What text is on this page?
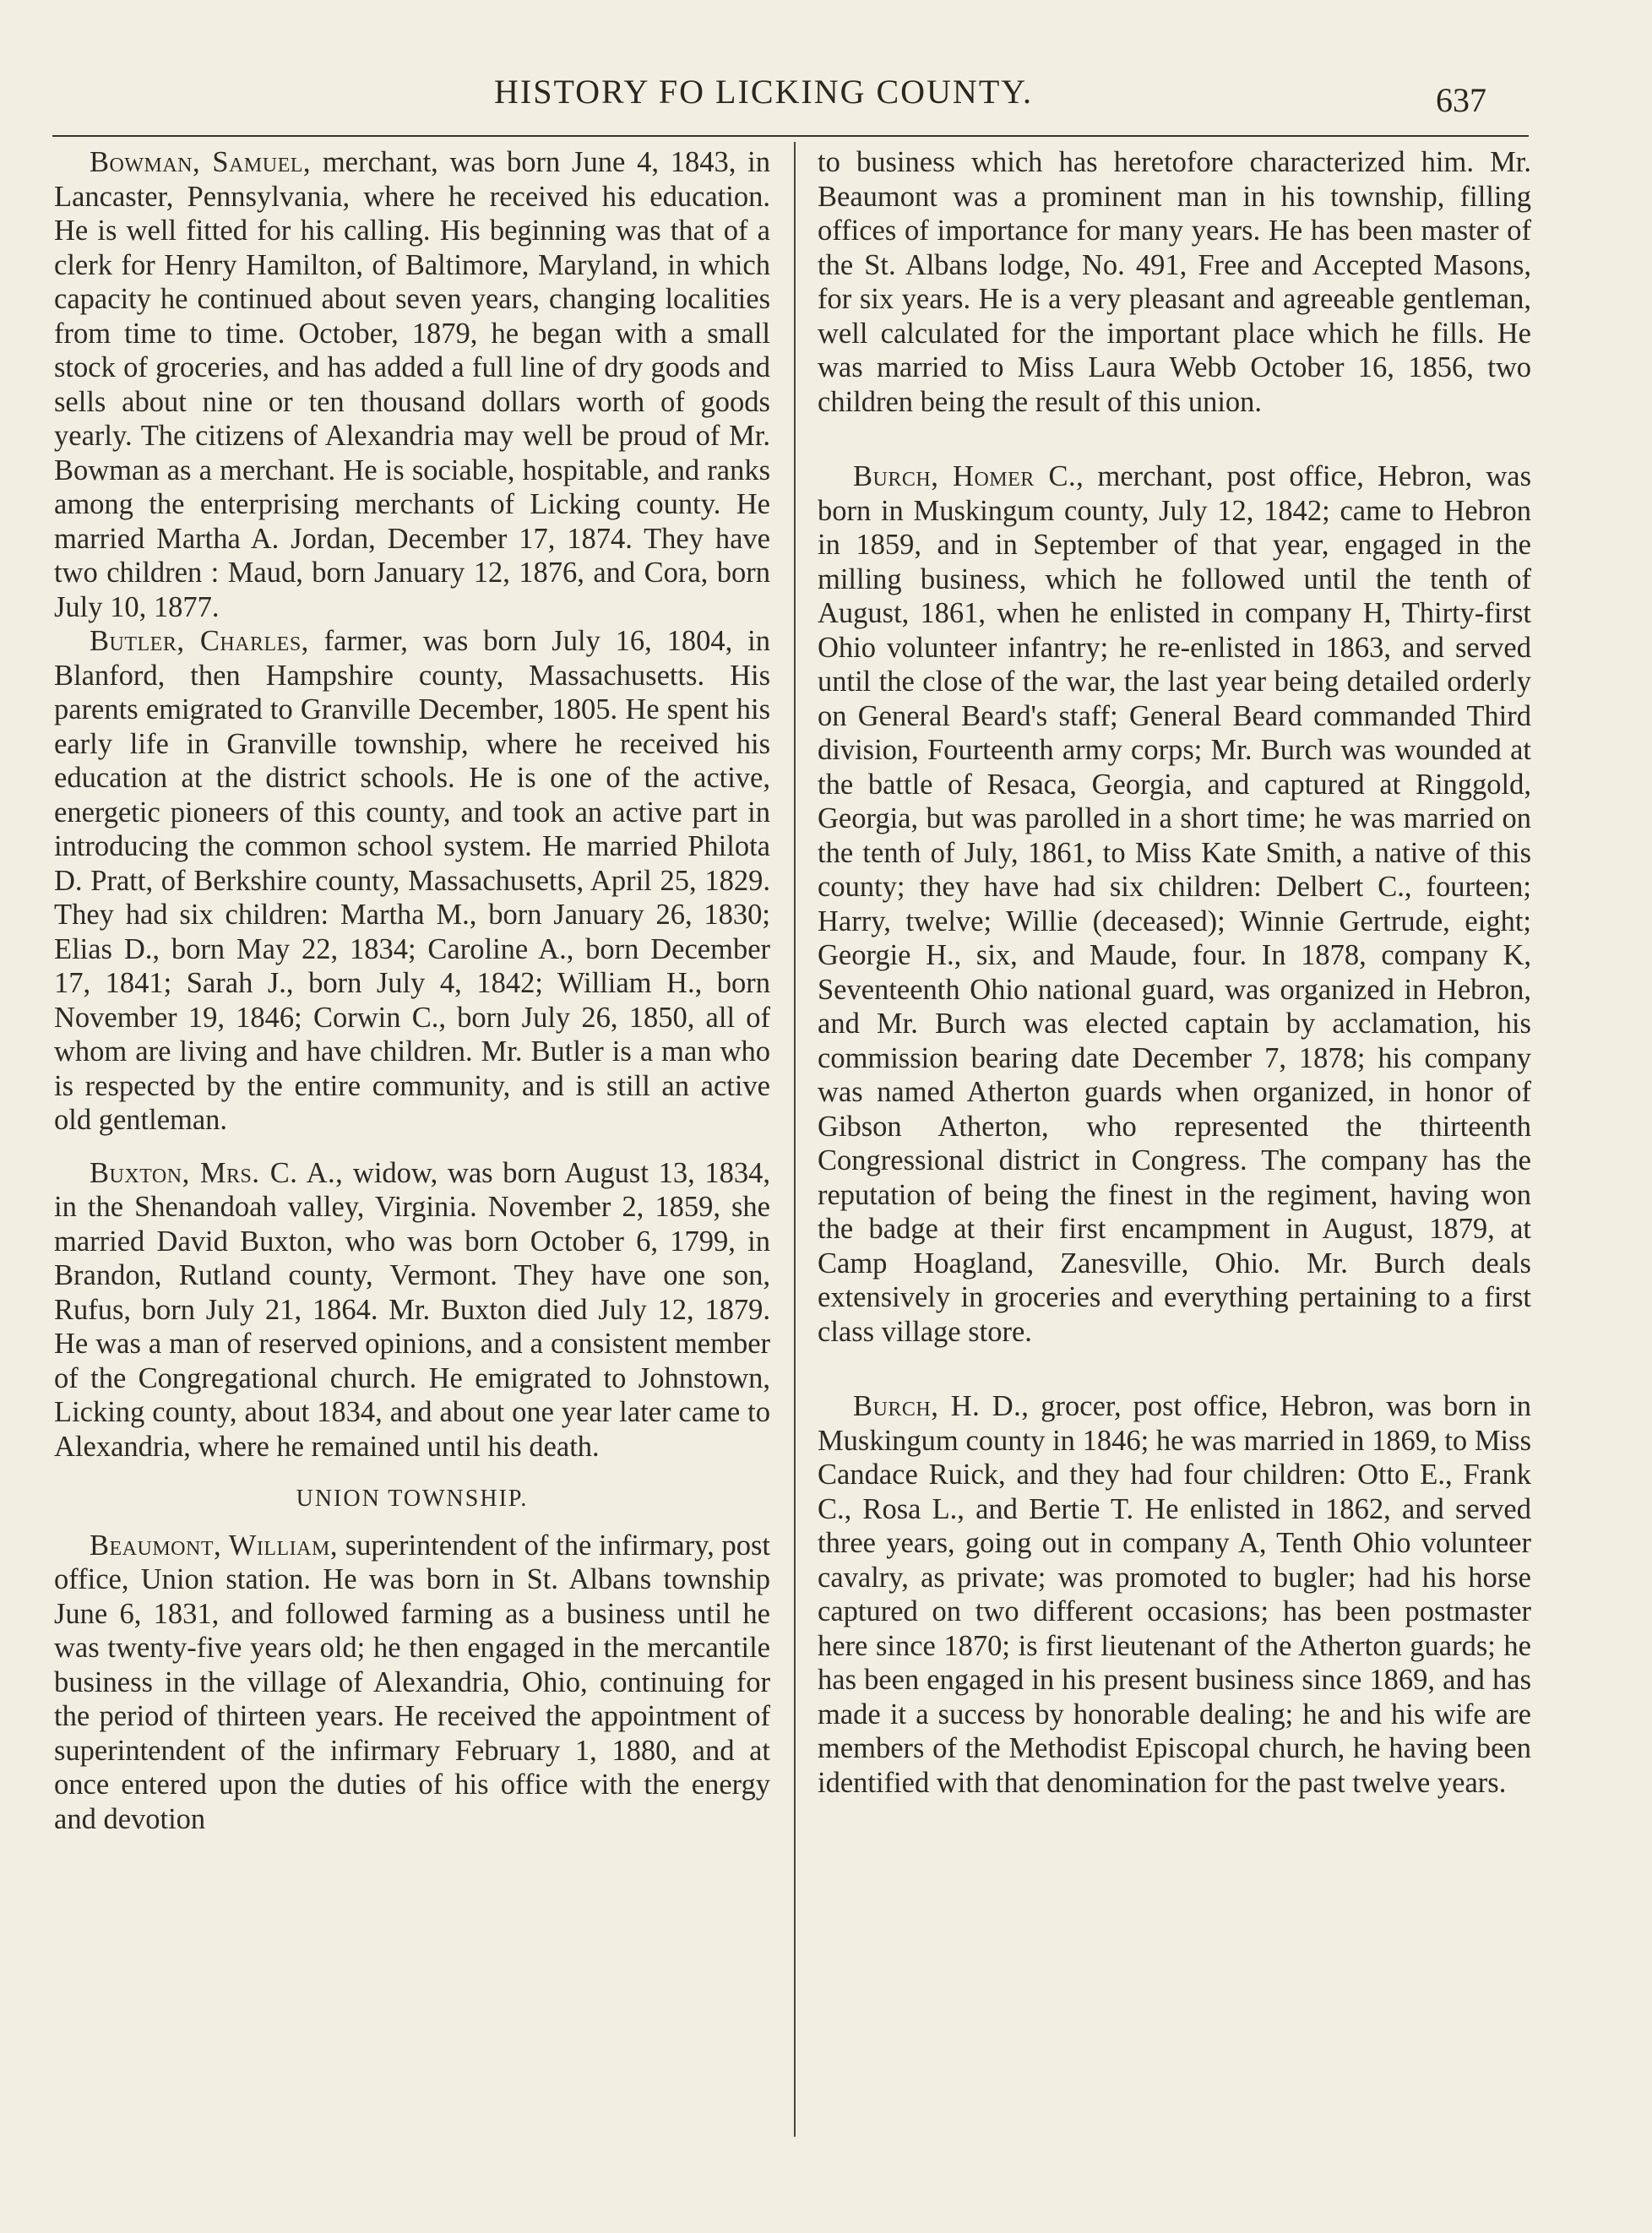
HISTORY FO LICKING COUNTY.	637

Bowman, Samuel, merchant, was born June 4, 1843, in Lancaster, Pennsylvania, where he received his education. He is well fitted for his calling. His beginning was that of a clerk for Henry Hamilton, of Baltimore, Maryland, in which capacity he continued about seven years, changing localities from time to time. October, 1879, he began with a small stock of groceries, and has added a full line of dry goods and sells about nine or ten thousand dollars worth of goods yearly. The citizens of Alexandria may well be proud of Mr. Bowman as a merchant. He is sociable, hospitable, and ranks among the enterprising merchants of Licking county. He married Martha A. Jordan, December 17, 1874. They have two children : Maud, born January 12, 1876, and Cora, born July 10, 1877.

Butler, Charles, farmer, was born July 16, 1804, in Blanford, then Hampshire county, Massachusetts. His parents emigrated to Granville December, 1805. He spent his early life in Granville township, where he received his education at the district schools. He is one of the active, energetic pioneers of this county, and took an active part in introducing the common school system. He married Philota D. Pratt, of Berkshire county, Massachusetts, April 25, 1829. They had six children: Martha M., born January 26, 1830; Elias D., born May 22, 1834; Caroline A., born December 17, 1841; Sarah J., born July 4, 1842; William H., born November 19, 1846; Corwin C., born July 26, 1850, all of whom are living and have children. Mr. Butler is a man who is respected by the entire community, and is still an active old gentleman.

Buxton, Mrs. C. A., widow, was born August 13, 1834, in the Shenandoah valley, Virginia. November 2, 1859, she married David Buxton, who was born October 6, 1799, in Brandon, Rutland county, Vermont. They have one son, Rufus, born July 21, 1864. Mr. Buxton died July 12, 1879. He was a man of reserved opinions, and a consistent member of the Congregational church. He emigrated to Johnstown, Licking county, about 1834, and about one year later came to Alexandria, where he remained until his death.

UNION TOWNSHIP.

Beaumont, William, superintendent of the infirmary, post office, Union station. He was born in St. Albans township June 6, 1831, and followed farming as a business until he was twenty-five years old; he then engaged in the mercantile business in the village of Alexandria, Ohio, continuing for the period of thirteen years. He received the appointment of superintendent of the infirmary February 1, 1880, and at once entered upon the duties of his office with the energy and devotion

to business which has heretofore characterized him. Mr. Beaumont was a prominent man in his township, filling offices of importance for many years. He has been master of the St. Albans lodge, No. 491, Free and Accepted Masons, for six years. He is a very pleasant and agreeable gentleman, well calculated for the important place which he fills. He was married to Miss Laura Webb October 16, 1856, two children being the result of this union.

Burch, Homer C., merchant, post office, Hebron, was born in Muskingum county, July 12, 1842; came to Hebron in 1859, and in September of that year, engaged in the milling business, which he followed until the tenth of August, 1861, when he enlisted in company H, Thirty-first Ohio volunteer infantry; he re-enlisted in 1863, and served until the close of the war, the last year being detailed orderly on General Beard's staff; General Beard commanded Third division, Fourteenth army corps; Mr. Burch was wounded at the battle of Resaca, Georgia, and captured at Ringgold, Georgia, but was parolled in a short time; he was married on the tenth of July, 1861, to Miss Kate Smith, a native of this county; they have had six children: Delbert C., fourteen; Harry, twelve; Willie (deceased); Winnie Gertrude, eight; Georgie H., six, and Maude, four. In 1878, company K, Seventeenth Ohio national guard, was organized in Hebron, and Mr. Burch was elected captain by acclamation, his commission bearing date December 7, 1878; his company was named Atherton guards when organized, in honor of Gibson Atherton, who represented the thirteenth Congressional district in Congress. The company has the reputation of being the finest in the regiment, having won the badge at their first encampment in August, 1879, at Camp Hoagland, Zanesville, Ohio. Mr. Burch deals extensively in groceries and everything pertaining to a first class village store.

Burch, H. D., grocer, post office, Hebron, was born in Muskingum county in 1846; he was married in 1869, to Miss Candace Ruick, and they had four children: Otto E., Frank C., Rosa L., and Bertie T. He enlisted in 1862, and served three years, going out in company A, Tenth Ohio volunteer cavalry, as private; was promoted to bugler; had his horse captured on two different occasions; has been postmaster here since 1870; is first lieutenant of the Atherton guards; he has been engaged in his present business since 1869, and has made it a success by honorable dealing; he and his wife are members of the Methodist Episcopal church, he having been identified with that denomination for the past twelve years.
